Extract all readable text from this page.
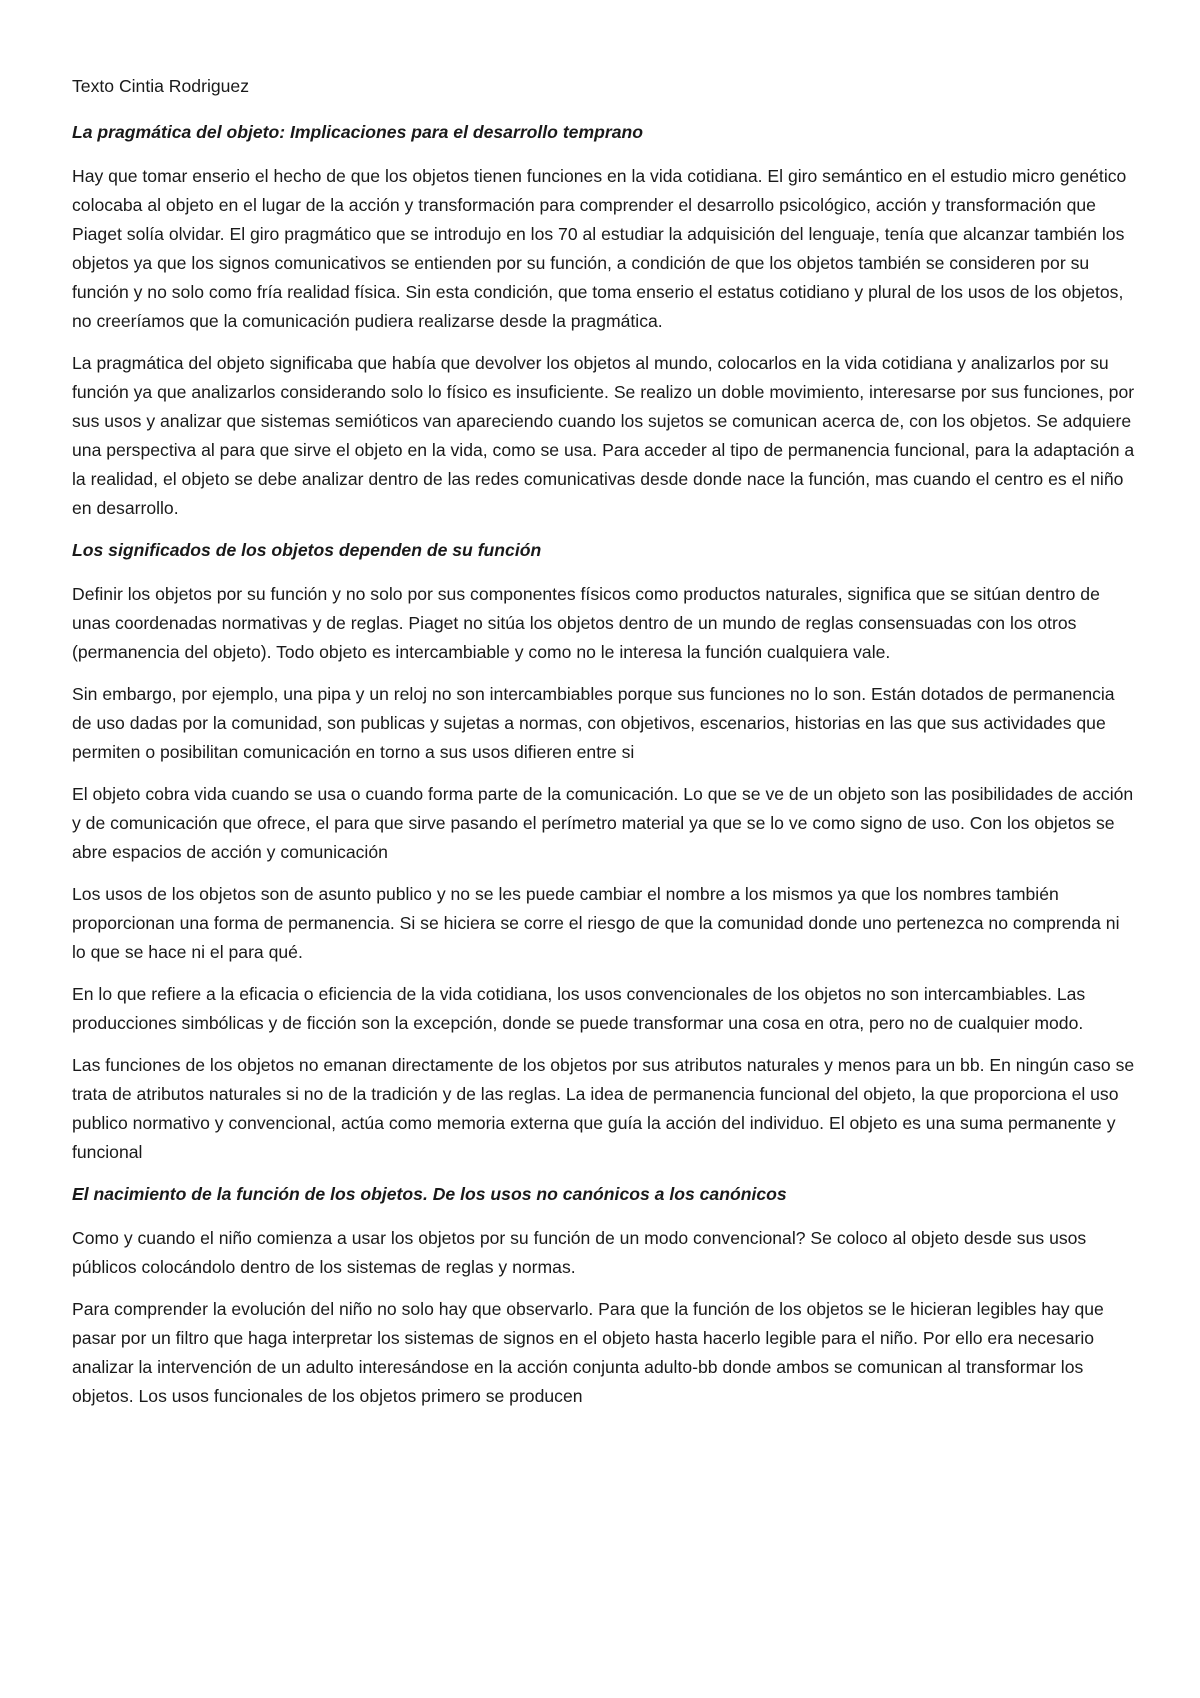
Texto Cintia Rodriguez

La pragmática del objeto: Implicaciones para el desarrollo temprano

Hay que tomar enserio el hecho de que los objetos tienen funciones en la vida cotidiana. El giro semántico en el estudio micro genético colocaba al objeto en el lugar de la acción y transformación para comprender el desarrollo psicológico, acción y transformación que Piaget solía olvidar. El giro pragmático que se introdujo en los 70 al estudiar la adquisición del lenguaje, tenía que alcanzar también los objetos ya que los signos comunicativos se entienden por su función, a condición de que los objetos también se consideren por su función y no solo como fría realidad física. Sin esta condición, que toma enserio el estatus cotidiano y plural de los usos de los objetos, no creeríamos que la comunicación pudiera realizarse desde la pragmática.

La pragmática del objeto significaba que había que devolver los objetos al mundo, colocarlos en la vida cotidiana y analizarlos por su función ya que analizarlos considerando solo lo físico es insuficiente. Se realizo un doble movimiento, interesarse por sus funciones, por sus usos y analizar que sistemas semióticos van apareciendo cuando los sujetos se comunican acerca de, con los objetos. Se adquiere una perspectiva al para que sirve el objeto en la vida, como se usa. Para acceder al tipo de permanencia funcional, para la adaptación a la realidad, el objeto se debe analizar dentro de las redes comunicativas desde donde nace la función, mas cuando el centro es el niño en desarrollo.

Los significados de los objetos dependen de su función

Definir los objetos por su función y no solo por sus componentes físicos como productos naturales, significa que se sitúan dentro de unas coordenadas normativas y de reglas. Piaget no sitúa los objetos dentro de un mundo de reglas consensuadas con los otros (permanencia del objeto). Todo objeto es intercambiable y como no le interesa la función cualquiera vale.

Sin embargo, por ejemplo, una pipa y un reloj no son intercambiables porque sus funciones no lo son. Están dotados de permanencia de uso dadas por la comunidad, son publicas y sujetas a normas, con objetivos, escenarios, historias en las que sus actividades que permiten o posibilitan comunicación en torno a sus usos difieren entre si

El objeto cobra vida cuando se usa o cuando forma parte de la comunicación. Lo que se ve de un objeto son las posibilidades de acción y de comunicación que ofrece, el para que sirve pasando el perímetro material ya que se lo ve como signo de uso. Con los objetos se abre espacios de acción y comunicación

Los usos de los objetos son de asunto publico y no se les puede cambiar el nombre a los mismos ya que los nombres también proporcionan una forma de permanencia. Si se hiciera se corre el riesgo de que la comunidad donde uno pertenezca no comprenda ni lo que se hace ni el para qué.

En lo que refiere a la eficacia o eficiencia de la vida cotidiana, los usos convencionales de los objetos no son intercambiables. Las producciones simbólicas y de ficción son la excepción, donde se puede transformar una cosa en otra, pero no de cualquier modo.

Las funciones de los objetos no emanan directamente de los objetos por sus atributos naturales y menos para un bb. En ningún caso se trata de atributos naturales si no de la tradición y de las reglas. La idea de permanencia funcional del objeto, la que proporciona el uso publico normativo y convencional, actúa como memoria externa que guía la acción del individuo. El objeto es una suma permanente y funcional

El nacimiento de la función de los objetos. De los usos no canónicos a los canónicos

Como y cuando el niño comienza a usar los objetos por su función de un modo convencional? Se coloco al objeto desde sus usos públicos colocándolo dentro de los sistemas de reglas y normas.

Para comprender la evolución del niño no solo hay que observarlo. Para que la función de los objetos se le hicieran legibles hay que pasar por un filtro que haga interpretar los sistemas de signos en el objeto hasta hacerlo legible para el niño. Por ello era necesario analizar la intervención de un adulto interesándose en la acción conjunta adulto-bb donde ambos se comunican al transformar los objetos. Los usos funcionales de los objetos primero se producen
